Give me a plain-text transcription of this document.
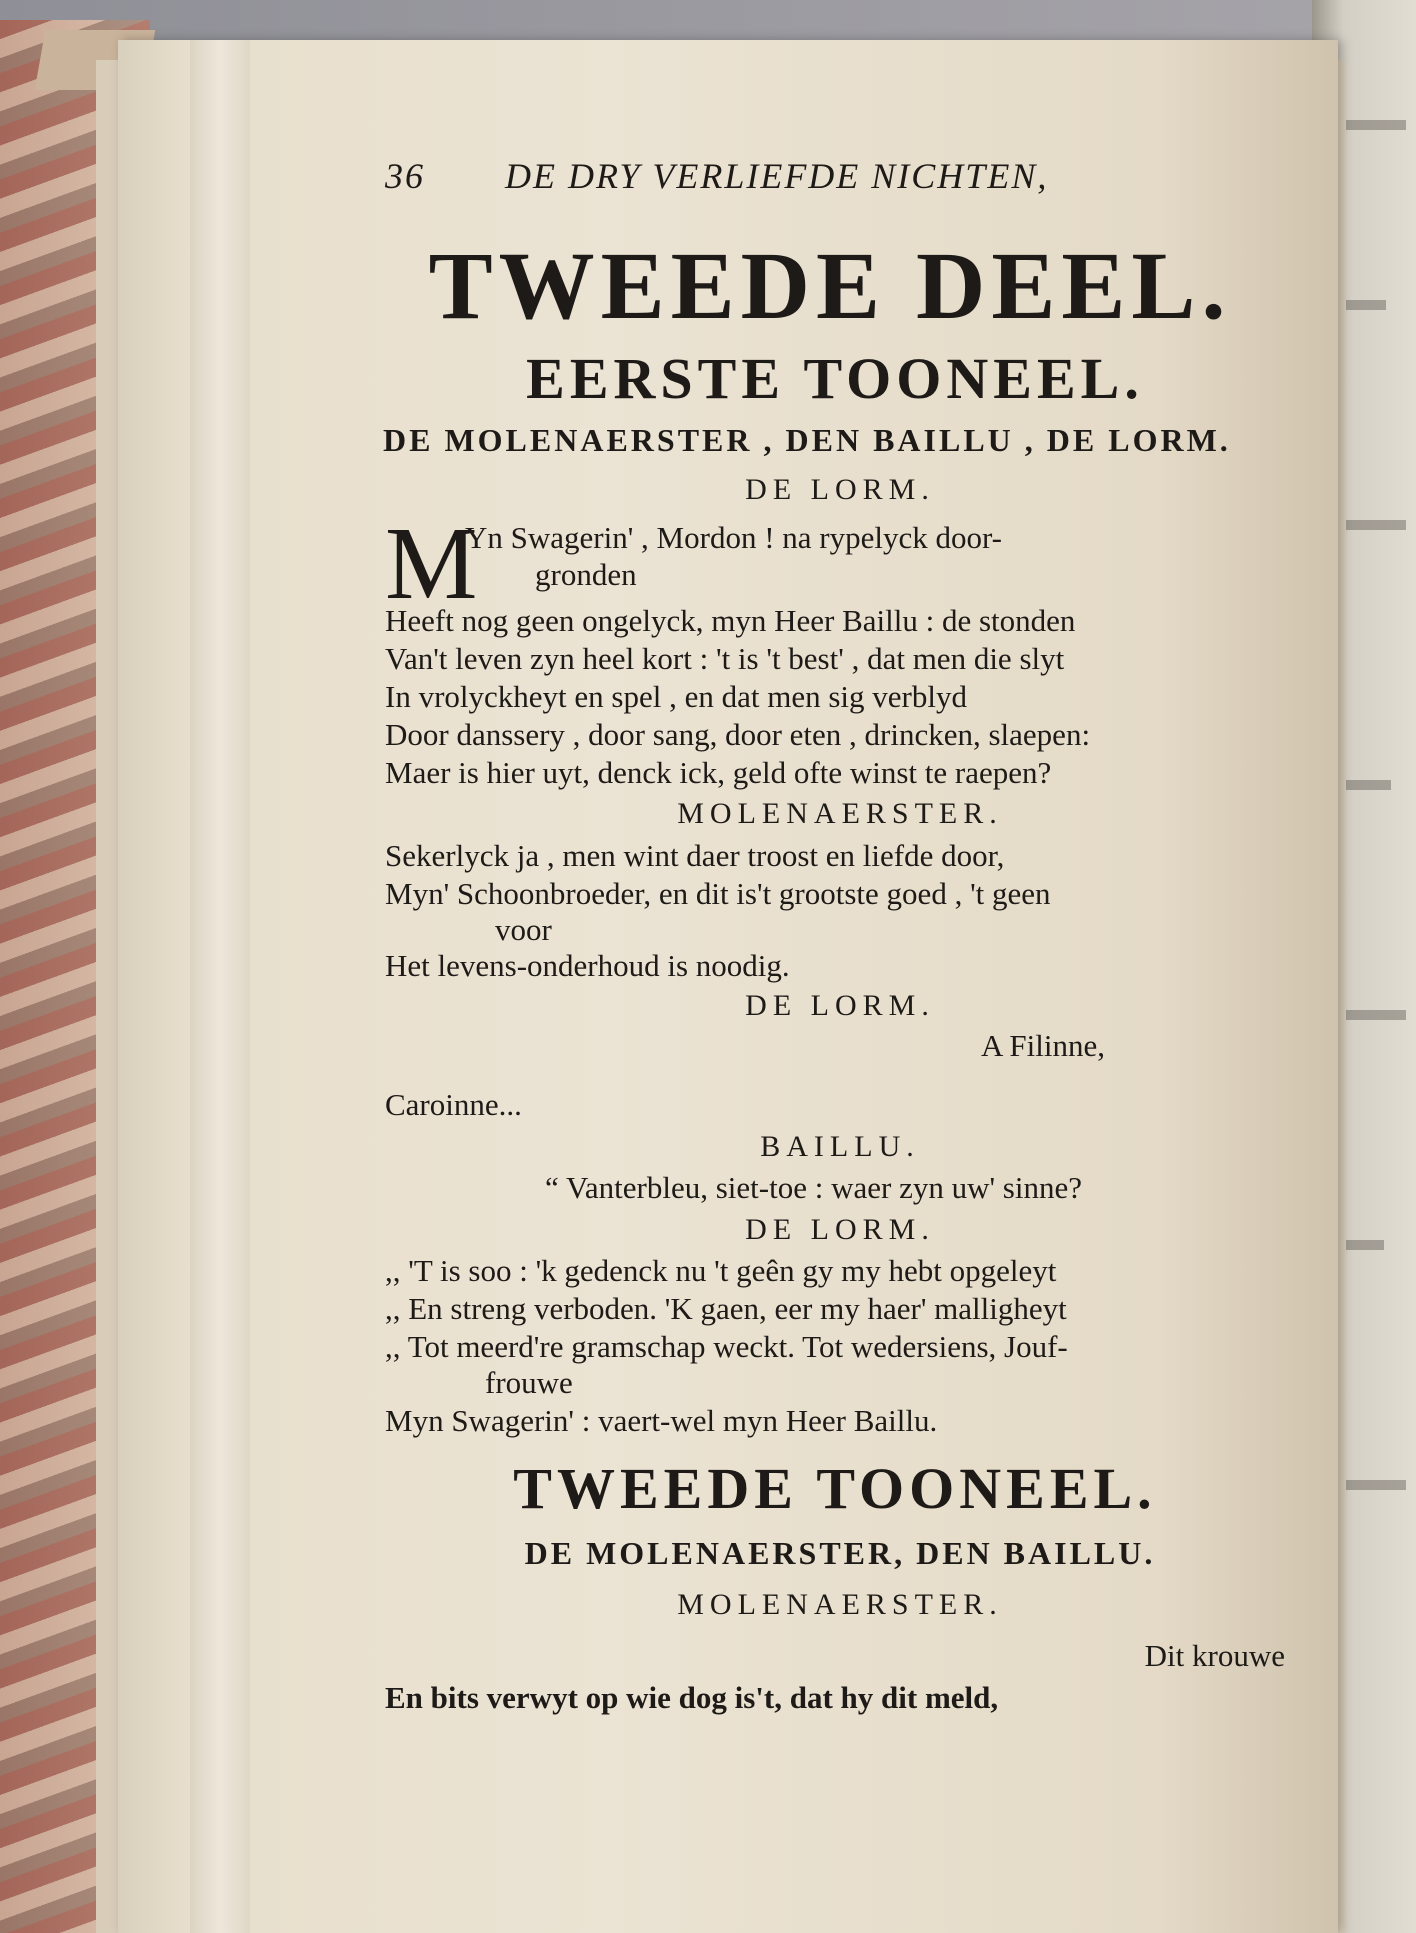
36 DE DRY VERLIEFDE NICHTEN,
TWEEDE DEEL.
EERSTE TOONEEL.
DE MOLENAERSTER , DEN BAILLU , DE LORM.
DE LORM.
M
Yn Swagerin' , Mordon ! na rypelyck door-
gronden
Heeft nog geen ongelyck, myn Heer Baillu : de stonden
Van't leven zyn heel kort : 't is 't best' , dat men die slyt
In vrolyckheyt en spel , en dat men sig verblyd
Door danssery , door sang, door eten , drincken, slaepen:
Maer is hier uyt, denck ick, geld ofte winst te raepen?
MOLENAERSTER.
Sekerlyck ja , men wint daer troost en liefde door,
Myn' Schoonbroeder, en dit is't grootste goed , 't geen
voor
Het levens-onderhoud is noodig.
DE LORM.
A Filinne,
Caroinne...
BAILLU.
“ Vanterbleu, siet-toe : waer zyn uw' sinne?
DE LORM.
,, 'T is soo : 'k gedenck nu 't geên gy my hebt opgeleyt
,, En streng verboden. 'K gaen, eer my haer' malligheyt
,, Tot meerd're gramschap weckt. Tot wedersiens, Jouf-
frouwe
Myn Swagerin' : vaert-wel myn Heer Baillu.
TWEEDE TOONEEL.
DE MOLENAERSTER, DEN BAILLU.
MOLENAERSTER.
Dit krouwe
En bits verwyt op wie dog is't, dat hy dit meld,
